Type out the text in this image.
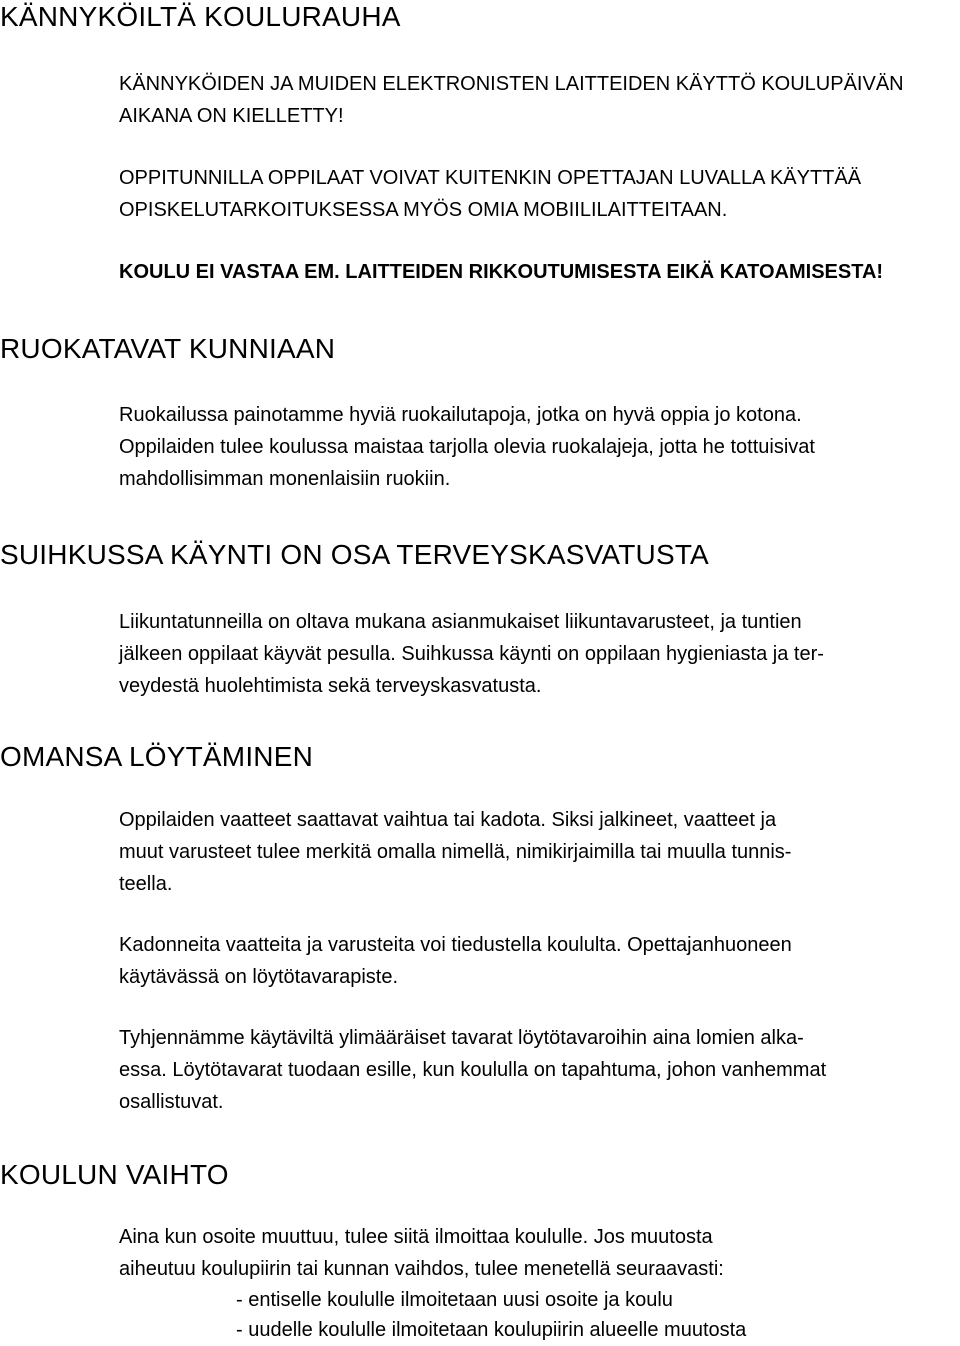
KÄNNYKÖILTÄ KOULURAUHA
KÄNNYKÖIDEN JA MUIDEN ELEKTRONISTEN LAITTEIDEN KÄYTTÖ KOULUPÄIVÄN
AIKANA ON KIELLETTY!
OPPITUNNILLA OPPILAAT VOIVAT KUITENKIN OPETTAJAN LUVALLA KÄYTTÄÄ
OPISKELUTARKOITUKSESSA MYÖS OMIA MOBIILILAITTEITAAN.
KOULU EI VASTAA EM. LAITTEIDEN RIKKOUTUMISESTA EIKÄ KATOAMISESTA!
RUOKATAVAT KUNNIAAN
Ruokailussa painotamme hyviä ruokailutapoja, jotka on hyvä oppia jo kotona.
Oppilaiden tulee koulussa maistaa tarjolla olevia ruokalajeja, jotta he tottuisivat
mahdollisimman monenlaisiin ruokiin.
SUIHKUSSA KÄYNTI ON OSA TERVEYSKASVATUSTA
Liikuntatunneilla on oltava mukana asianmukaiset liikuntavarusteet, ja tuntien
jälkeen oppilaat käyvät pesulla. Suihkussa käynti on oppilaan hygieniasta ja ter-
veydestä huolehtimista sekä terveyskasvatusta.
OMANSA LÖYTÄMINEN
Oppilaiden vaatteet saattavat vaihtua tai kadota. Siksi jalkineet, vaatteet ja
muut varusteet tulee merkitä omalla nimellä, nimikirjaimilla tai muulla tunnis-
teella.
Kadonneita vaatteita ja varusteita voi tiedustella koululta. Opettajanhuoneen
käytävässä on löytötavarapiste.
Tyhjennämme käytäviltä ylimääräiset tavarat löytötavaroihin aina lomien alka-
essa. Löytötavarat tuodaan esille, kun koululla on tapahtuma, johon vanhemmat
osallistuvat.
KOULUN VAIHTO
Aina kun osoite muuttuu, tulee siitä ilmoittaa koululle. Jos muutosta
aiheutuu koulupiirin tai kunnan vaihdos, tulee menetellä seuraavasti:
- entiselle koululle ilmoitetaan uusi osoite ja koulu
- uudelle koululle ilmoitetaan koulupiirin alueelle muutosta
